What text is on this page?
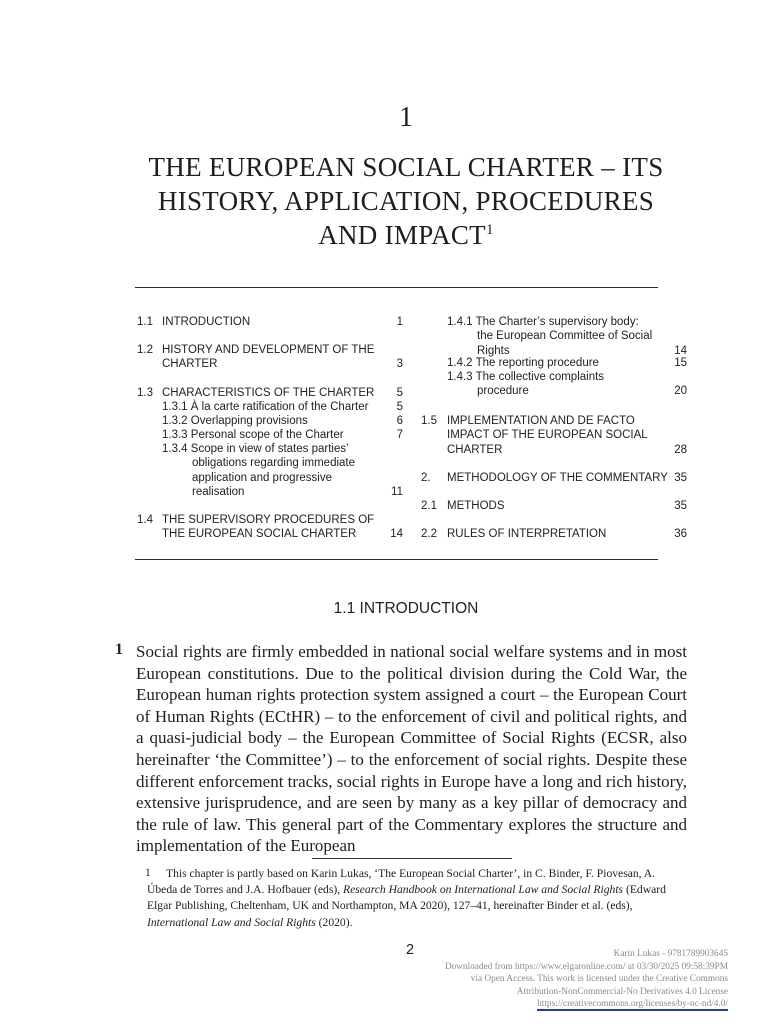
1
THE EUROPEAN SOCIAL CHARTER – ITS
HISTORY, APPLICATION, PROCEDURES
AND IMPACT$^1$
1.1 INTRODUCTION	1
1.2 HISTORY AND DEVELOPMENT OF THE
CHARTER	3
1.3 CHARACTERISTICS OF THE CHARTER	5
1.3.1 À la carte ratification of the Charter	5
1.3.2 Overlapping provisions	6
1.3.3 Personal scope of the Charter	7
1.3.4 Scope in view of states parties’
obligations regarding immediate
application and progressive
realisation	11
1.4 THE SUPERVISORY PROCEDURES OF
THE EUROPEAN SOCIAL CHARTER	14
1.4.1 The Charter’s supervisory body:
the European Committee of Social
Rights	14
1.4.2 The reporting procedure	15
1.4.3 The collective complaints
procedure	20
1.5 IMPLEMENTATION AND DE FACTO
IMPACT OF THE EUROPEAN SOCIAL
CHARTER	28
2. METHODOLOGY OF THE COMMENTARY 35
2.1 METHODS	35
2.2 RULES OF INTERPRETATION	36
1.1 INTRODUCTION
1 Social rights are firmly embedded in national social welfare systems and in most European constitutions. Due to the political division during the Cold War, the European human rights protection system assigned a court – the European Court of Human Rights (ECtHR) – to the enforcement of civil and political rights, and a quasi-judicial body – the European Committee of Social Rights (ECSR, also hereinafter ‘the Committee’) – to the enforcement of social rights. Despite these different enforcement tracks, social rights in Europe have a long and rich history, extensive jurisprudence, and are seen by many as a key pillar of democracy and the rule of law. This general part of the Commentary explores the structure and implementation of the European

1	This chapter is partly based on Karin Lukas, ‘The European Social Charter’, in C. Binder, F. Piovesan, A. Úbeda de Torres and J.A. Hofbauer (eds), Research Handbook on International Law and Social Rights (Edward Elgar Publishing, Cheltenham, UK and Northampton, MA 2020), 127–41, hereinafter Binder et al. (eds), International Law and Social Rights (2020).
2	Karin Lukas - 9781789903645
Downloaded from https://www.elgaronline.com/ at 03/30/2025 09:58:39PM
via Open Access. This work is licensed under the Creative Commons
Attribution-NonCommercial-No Derivatives 4.0 License
https://creativecommons.org/licenses/by-nc-nd/4.0/
